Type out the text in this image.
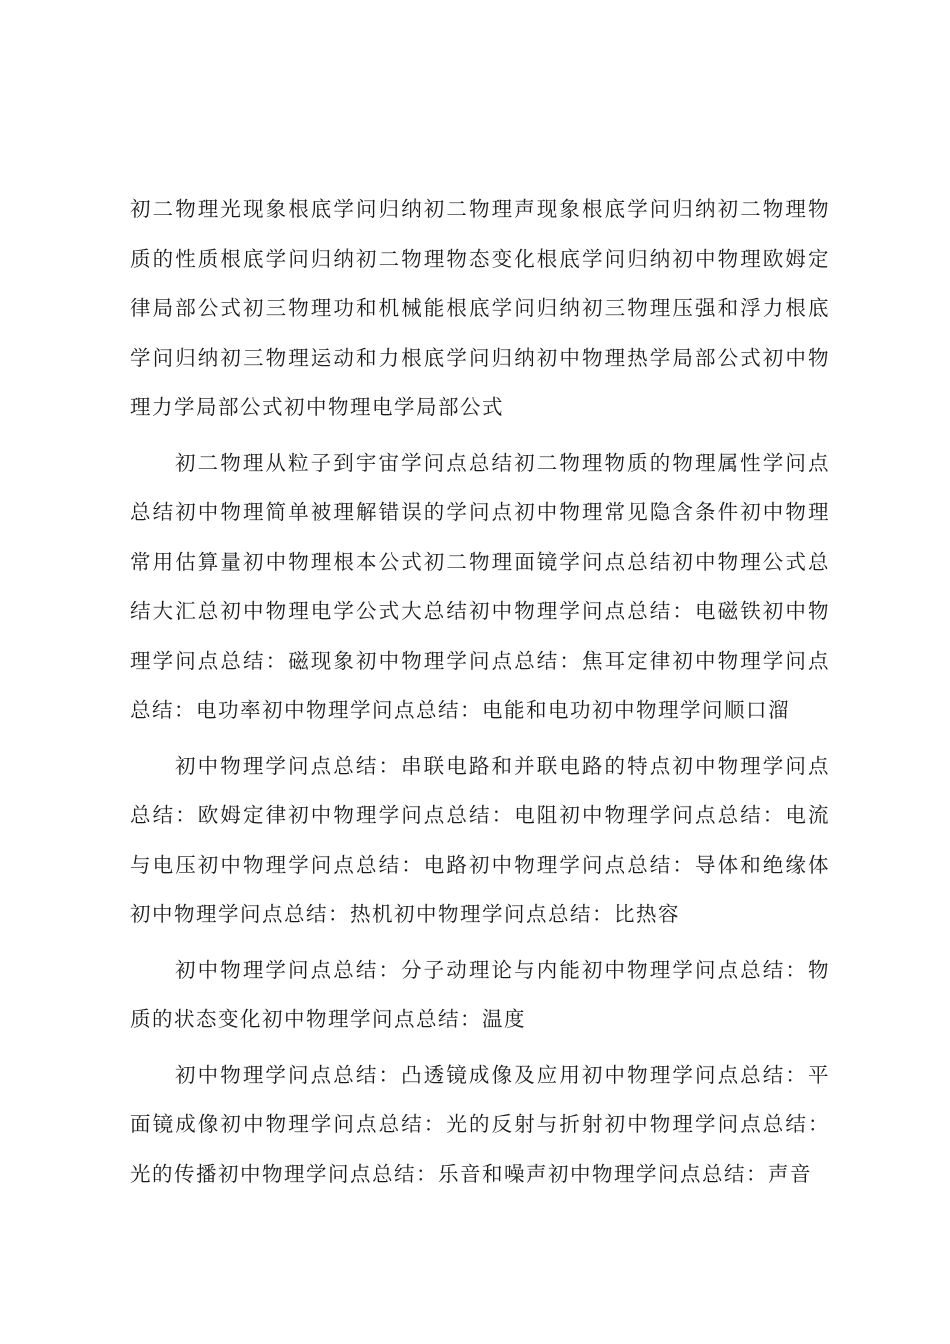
初二物理光现象根底学问归纳初二物理声现象根底学问归纳初二物理物质的性质根底学问归纳初二物理物态变化根底学问归纳初中物理欧姆定律局部公式初三物理功和机械能根底学问归纳初三物理压强和浮力根底学问归纳初三物理运动和力根底学问归纳初中物理热学局部公式初中物理力学局部公式初中物理电学局部公式

初二物理从粒子到宇宙学问点总结初二物理物质的物理属性学问点总结初中物理简单被理解错误的学问点初中物理常见隐含条件初中物理常用估算量初中物理根本公式初二物理面镜学问点总结初中物理公式总结大汇总初中物理电学公式大总结初中物理学问点总结：电磁铁初中物理学问点总结：磁现象初中物理学问点总结：焦耳定律初中物理学问点总结：电功率初中物理学问点总结：电能和电功初中物理学问顺口溜

初中物理学问点总结：串联电路和并联电路的特点初中物理学问点总结：欧姆定律初中物理学问点总结：电阻初中物理学问点总结：电流与电压初中物理学问点总结：电路初中物理学问点总结：导体和绝缘体初中物理学问点总结：热机初中物理学问点总结：比热容

初中物理学问点总结：分子动理论与内能初中物理学问点总结：物质的状态变化初中物理学问点总结：温度

初中物理学问点总结：凸透镜成像及应用初中物理学问点总结：平面镜成像初中物理学问点总结：光的反射与折射初中物理学问点总结：光的传播初中物理学问点总结：乐音和噪声初中物理学问点总结：声音
